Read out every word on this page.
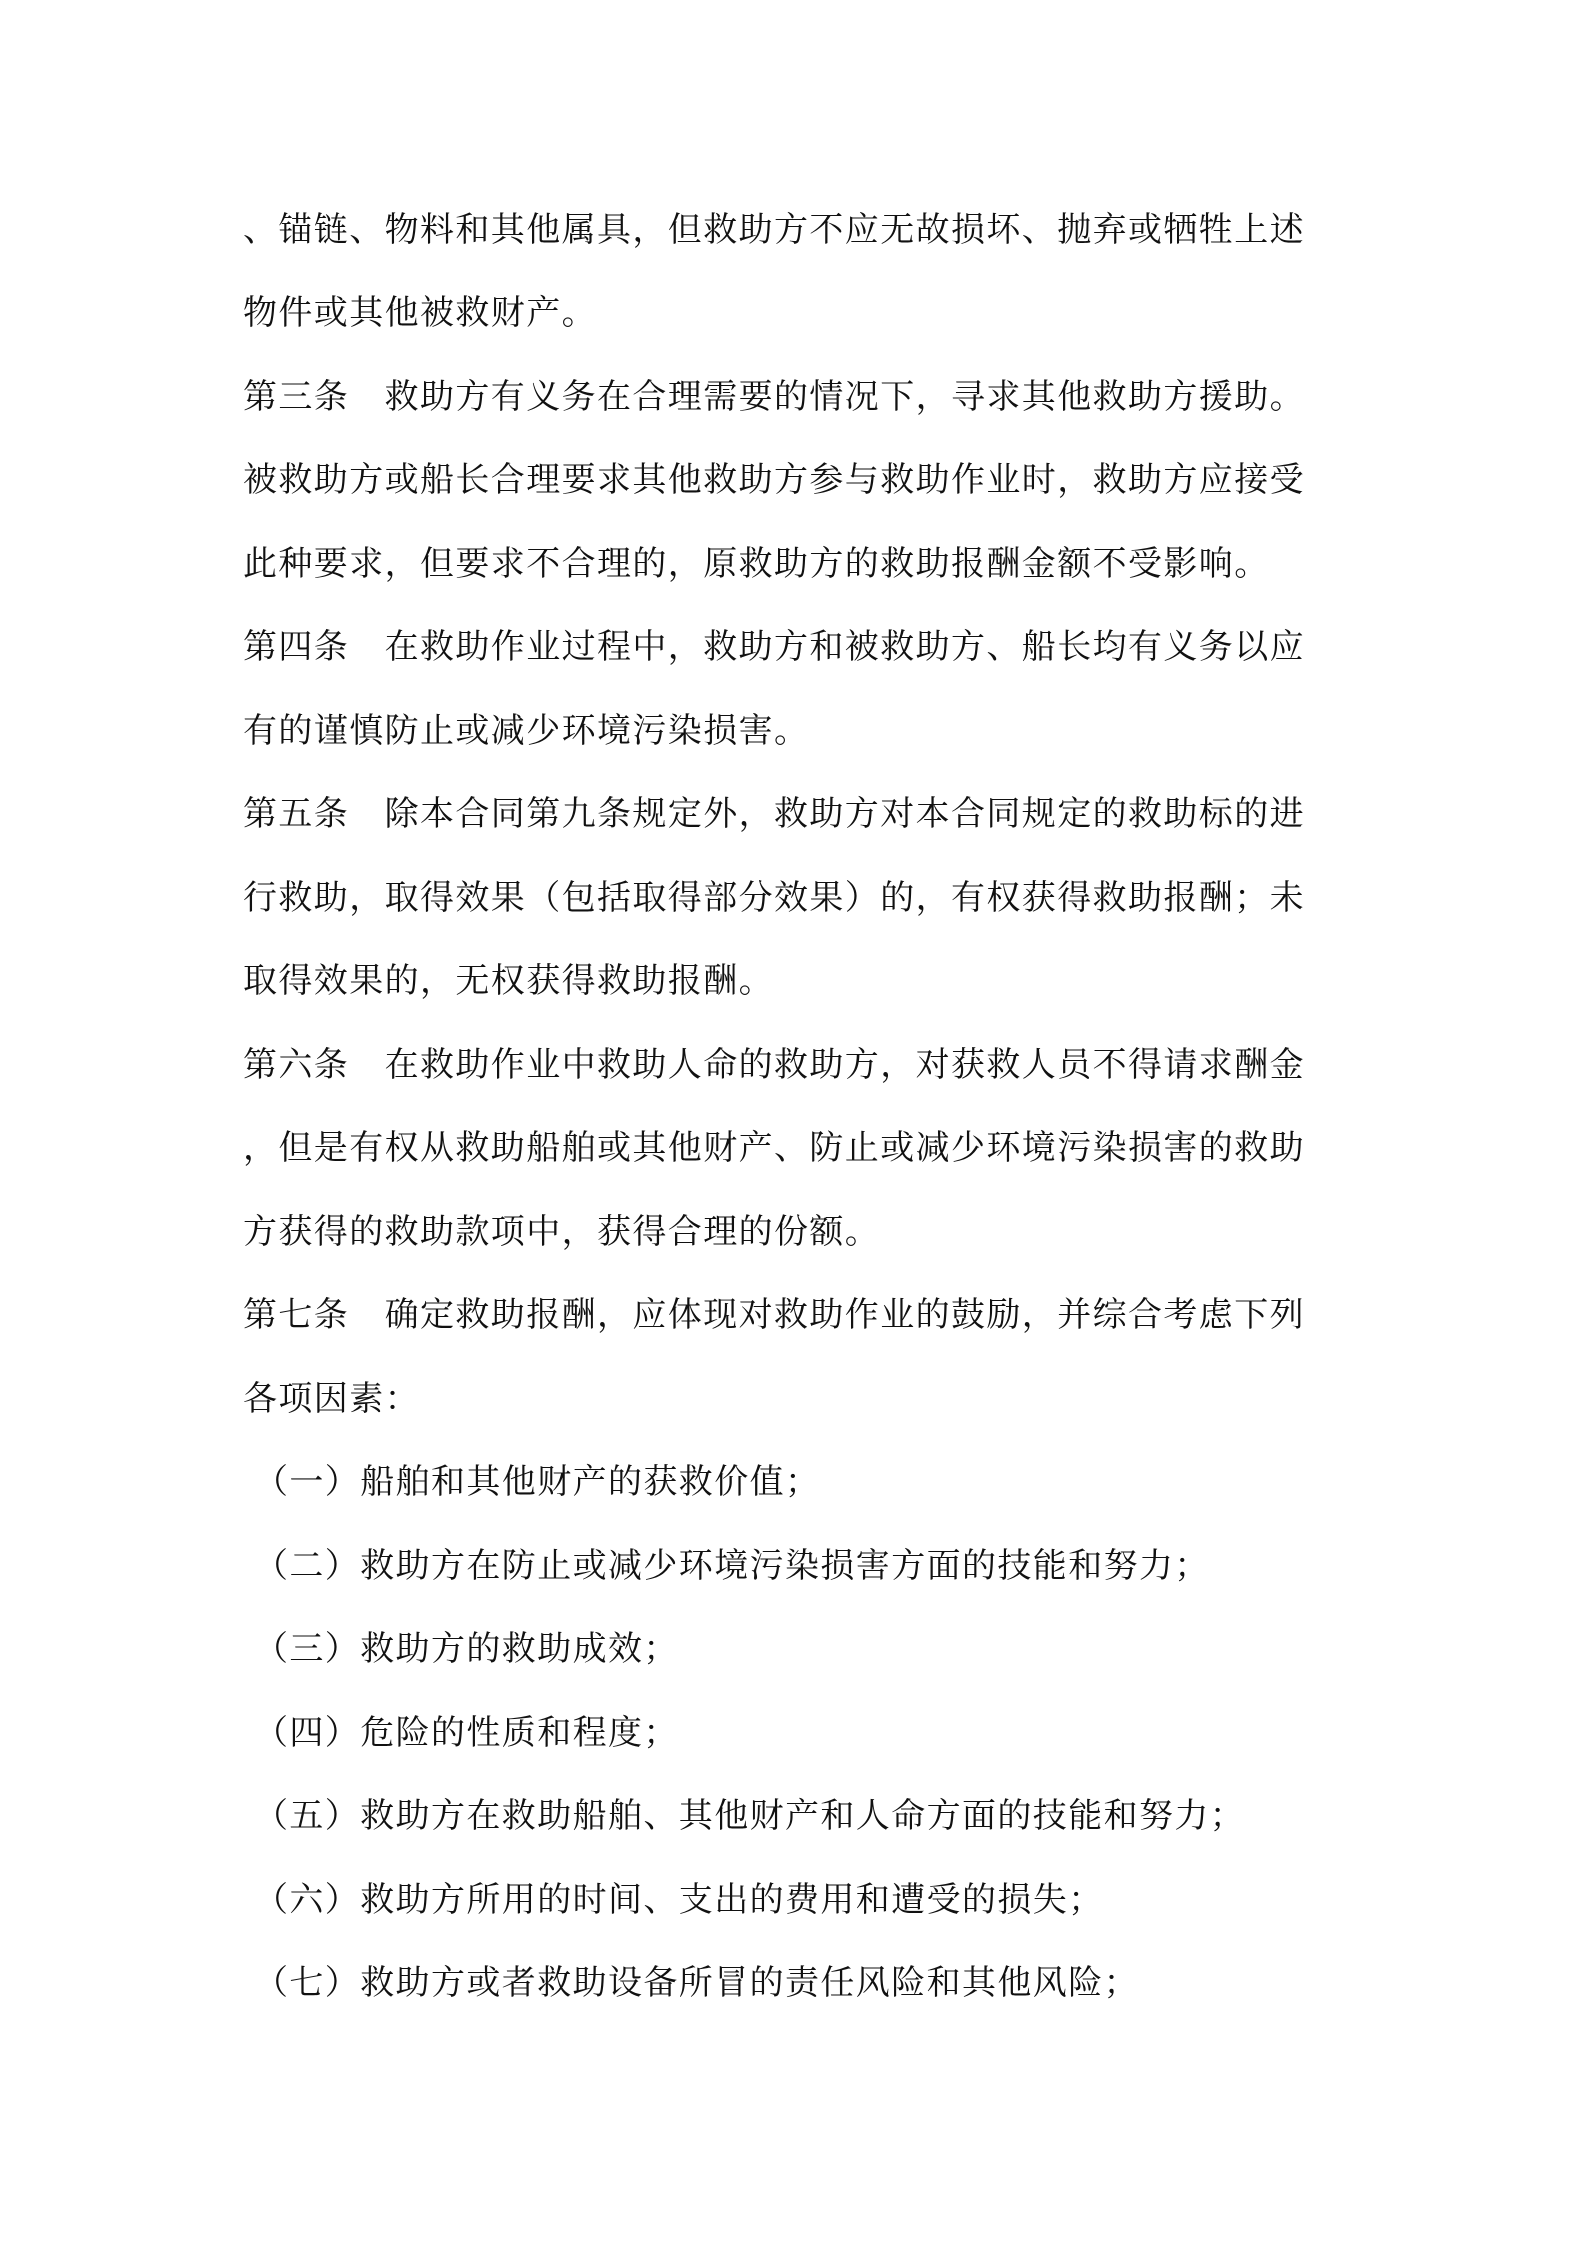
、锚链、物料和其他属具，但救助方不应无故损坏、抛弃或牺牲上述
物件或其他被救财产。
第三条　救助方有义务在合理需要的情况下，寻求其他救助方援助。
被救助方或船长合理要求其他救助方参与救助作业时，救助方应接受
此种要求，但要求不合理的，原救助方的救助报酬金额不受影响。
第四条　在救助作业过程中，救助方和被救助方、船长均有义务以应
有的谨慎防止或减少环境污染损害。
第五条　除本合同第九条规定外，救助方对本合同规定的救助标的进
行救助，取得效果（包括取得部分效果）的，有权获得救助报酬；未
取得效果的，无权获得救助报酬。
第六条　在救助作业中救助人命的救助方，对获救人员不得请求酬金
，但是有权从救助船舶或其他财产、防止或减少环境污染损害的救助
方获得的救助款项中，获得合理的份额。
第七条　确定救助报酬，应体现对救助作业的鼓励，并综合考虑下列
各项因素：
（一）船舶和其他财产的获救价值；
（二）救助方在防止或减少环境污染损害方面的技能和努力；
（三）救助方的救助成效；
（四）危险的性质和程度；
（五）救助方在救助船舶、其他财产和人命方面的技能和努力；
（六）救助方所用的时间、支出的费用和遭受的损失；
（七）救助方或者救助设备所冒的责任风险和其他风险；
